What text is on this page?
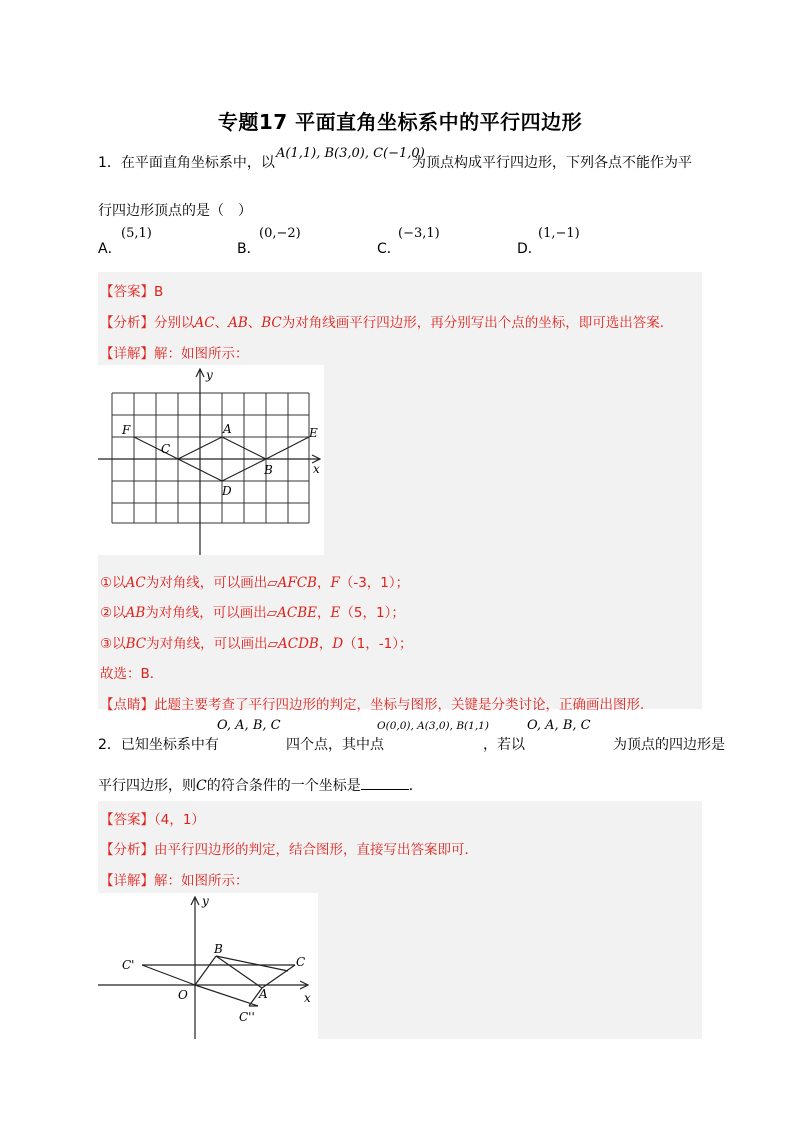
专题17 平面直角坐标系中的平行四边形
1．在平面直角坐标系中，以
A(1,1), B(3,0), C(−1,0)
为顶点构成平行四边形，下列各点不能作为平
行四边形顶点的是（　）
A．
(5,1)
B．
(0,−2)
C．
(−3,1)
D．
(1,−1)
【答案】B
【分析】分别以AC、AB、BC为对角线画平行四边形，再分别写出个点的坐标，即可选出答案．
【详解】解：如图所示：
y
x
F
C
A	E
B
D
①以AC为对角线，可以画出▱AFCB，F（-3，1）；
②以AB为对角线，可以画出▱ACBE，E（5，1）；
③以BC为对角线，可以画出▱ACDB，D（1，-1）；
故选：B．
【点睛】此题主要考查了平行四边形的判定，坐标与图形，关键是分类讨论，正确画出图形．
2．已知坐标系中有
O, A, B, C
四个点，其中点
O(0,0), A(3,0), B(1,1)
，若以
O, A, B, C
为顶点的四边形是
平行四边形，则C的符合条件的一个坐标是	．
【答案】（4，1）
【分析】由平行四边形的判定，结合图形，直接写出答案即可．
【详解】解：如图所示：
y
x
C'
B
C
O	A
C''
